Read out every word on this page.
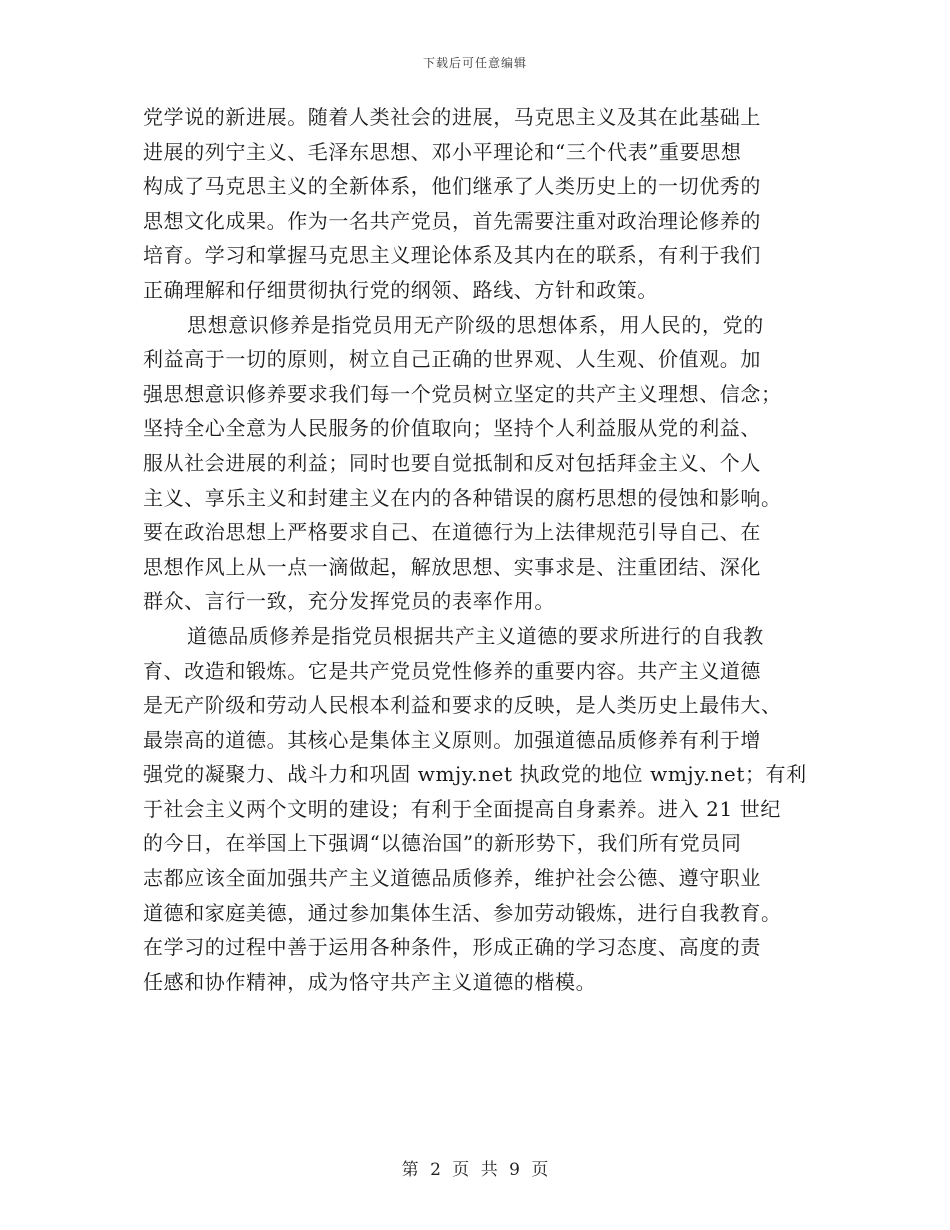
下载后可任意编辑
党学说的新进展。随着人类社会的进展，马克思主义及其在此基础上
进展的列宁主义、毛泽东思想、邓小平理论和“三个代表”重要思想
构成了马克思主义的全新体系，他们继承了人类历史上的一切优秀的
思想文化成果。作为一名共产党员，首先需要注重对政治理论修养的
培育。学习和掌握马克思主义理论体系及其内在的联系，有利于我们
正确理解和仔细贯彻执行党的纲领、路线、方针和政策。
思想意识修养是指党员用无产阶级的思想体系，用人民的，党的
利益高于一切的原则，树立自己正确的世界观、人生观、价值观。加
强思想意识修养要求我们每一个党员树立坚定的共产主义理想、信念；
坚持全心全意为人民服务的价值取向；坚持个人利益服从党的利益、
服从社会进展的利益；同时也要自觉抵制和反对包括拜金主义、个人
主义、享乐主义和封建主义在内的各种错误的腐朽思想的侵蚀和影响。
要在政治思想上严格要求自己、在道德行为上法律规范引导自己、在
思想作风上从一点一滴做起，解放思想、实事求是、注重团结、深化
群众、言行一致，充分发挥党员的表率作用。
道德品质修养是指党员根据共产主义道德的要求所进行的自我教
育、改造和锻炼。它是共产党员党性修养的重要内容。共产主义道德
是无产阶级和劳动人民根本利益和要求的反映，是人类历史上最伟大、
最崇高的道德。其核心是集体主义原则。加强道德品质修养有利于增
强党的凝聚力、战斗力和巩固 wmjy.net 执政党的地位 wmjy.net；有利
于社会主义两个文明的建设；有利于全面提高自身素养。进入 21 世纪
的今日，在举国上下强调“以德治国”的新形势下，我们所有党员同
志都应该全面加强共产主义道德品质修养，维护社会公德、遵守职业
道德和家庭美德，通过参加集体生活、参加劳动锻炼，进行自我教育。
在学习的过程中善于运用各种条件，形成正确的学习态度、高度的责
任感和协作精神，成为恪守共产主义道德的楷模。
第 2 页 共 9 页
